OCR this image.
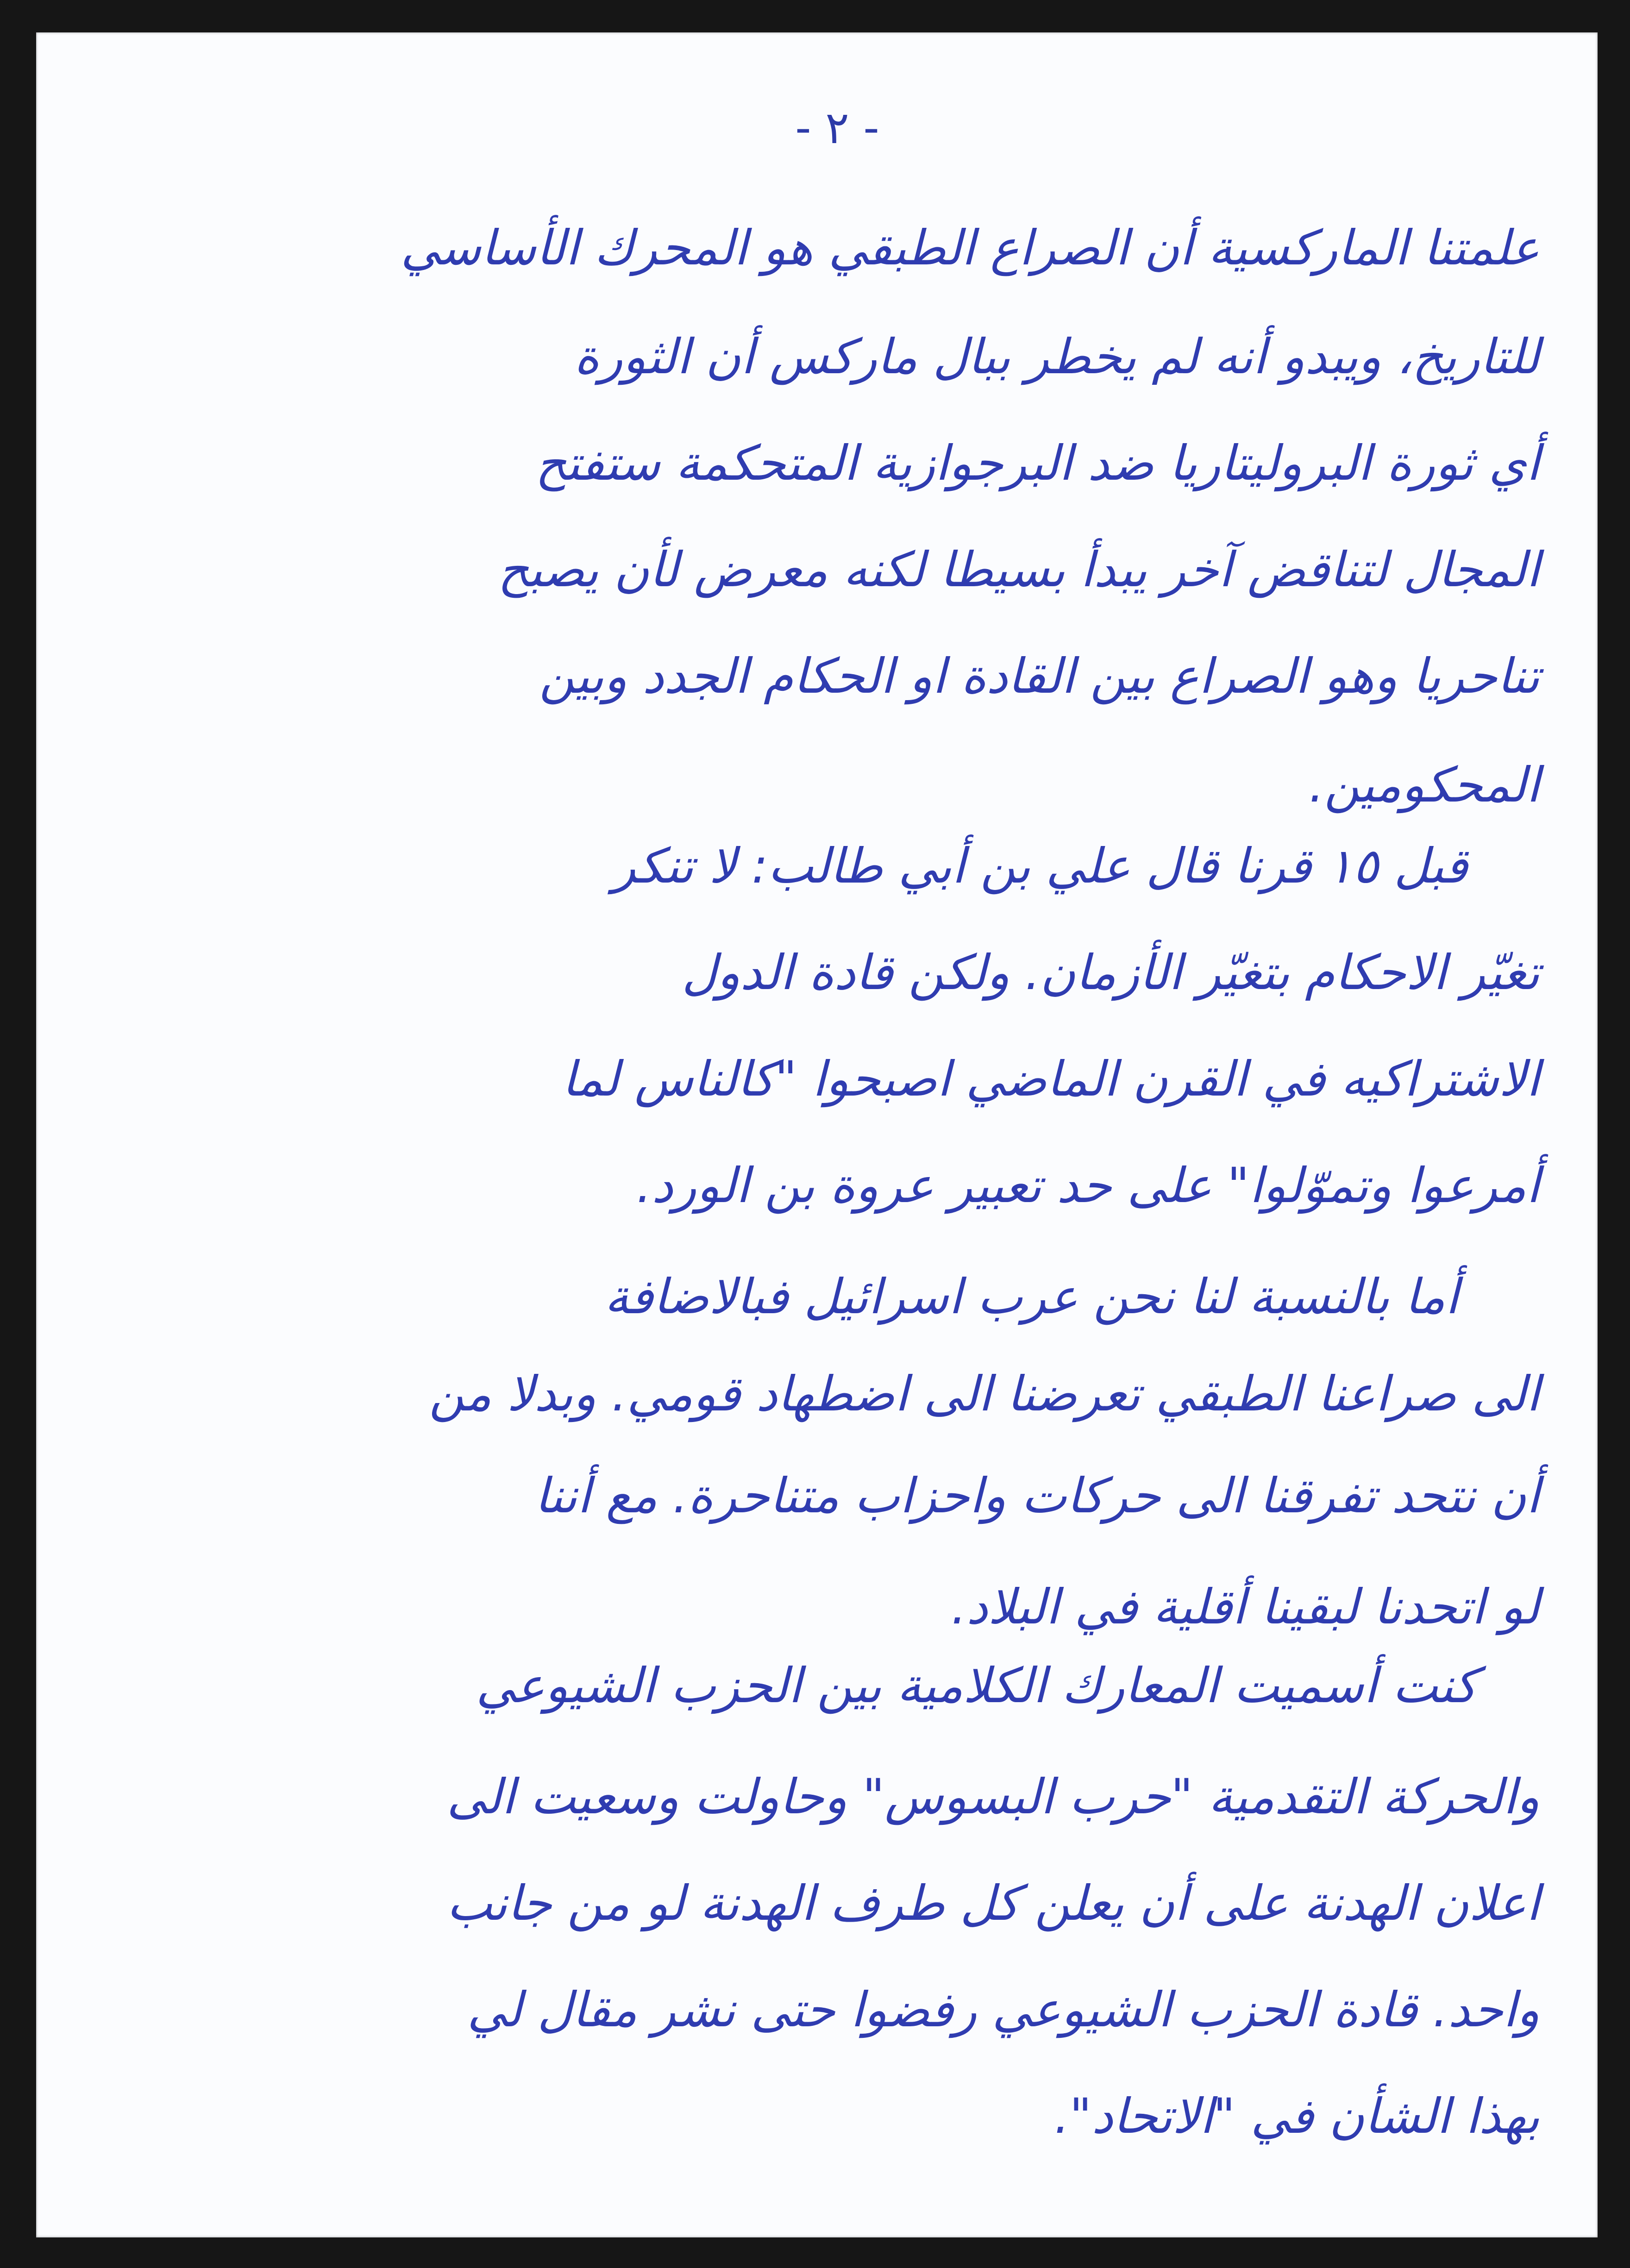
- ٢ -
علمتنا الماركسية أن الصراع الطبقي هو المحرك الأساسي
للتاريخ، ويبدو أنه لم يخطر ببال ماركس أن الثورة
أي ثورة البروليتاريا ضد البرجوازية المتحكمة ستفتح
المجال لتناقض آخر يبدأ بسيطا لكنه معرض لأن يصبح
تناحريا وهو الصراع بين القادة او الحكام الجدد وبين
المحكومين.
قبل ١٥ قرنا قال علي بن أبي طالب: لا تنكر
تغيّر الاحكام بتغيّر الأزمان. ولكن قادة الدول
الاشتراكيه في القرن الماضي اصبحوا "كالناس لما
أمرعوا وتموّلوا" على حد تعبير عروة بن الورد.
أما بالنسبة لنا نحن عرب اسرائيل فبالاضافة
الى صراعنا الطبقي تعرضنا الى اضطهاد قومي. وبدلا من
أن نتحد تفرقنا الى حركات واحزاب متناحرة. مع أننا
لو اتحدنا لبقينا أقلية في البلاد.
كنت أسميت المعارك الكلامية بين الحزب الشيوعي
والحركة التقدمية "حرب البسوس" وحاولت وسعيت الى
اعلان الهدنة على أن يعلن كل طرف الهدنة لو من جانب
واحد. قادة الحزب الشيوعي رفضوا حتى نشر مقال لي
بهذا الشأن في "الاتحاد".
